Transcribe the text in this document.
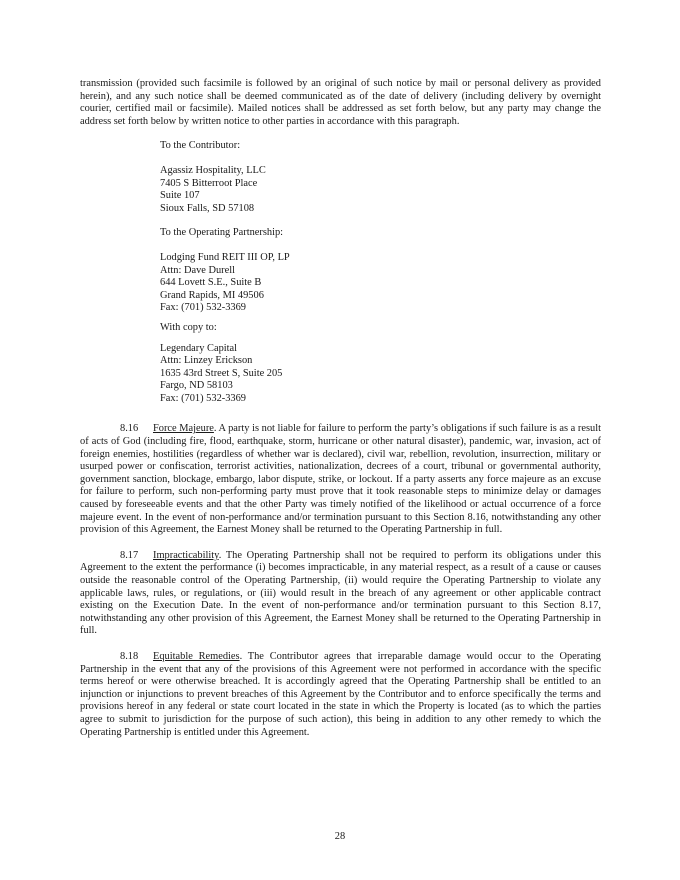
transmission (provided such facsimile is followed by an original of such notice by mail or personal delivery as provided herein), and any such notice shall be deemed communicated as of the date of delivery (including delivery by overnight courier, certified mail or facsimile). Mailed notices shall be addressed as set forth below, but any party may change the address set forth below by written notice to other parties in accordance with this paragraph.

To the Contributor:
Agassiz Hospitality, LLC
7405 S Bitterroot Place
Suite 107
Sioux Falls, SD 57108
To the Operating Partnership:
Lodging Fund REIT III OP, LP
Attn: Dave Durell
644 Lovett S.E., Suite B
Grand Rapids, MI 49506
Fax: (701) 532-3369
With copy to:
Legendary Capital
Attn: Linzey Erickson
1635 43rd Street S, Suite 205
Fargo, ND 58103
Fax: (701) 532-3369

8.16 Force Majeure. A party is not liable for failure to perform the party’s obligations if such failure is as a result of acts of God (including fire, flood, earthquake, storm, hurricane or other natural disaster), pandemic, war, invasion, act of foreign enemies, hostilities (regardless of whether war is declared), civil war, rebellion, revolution, insurrection, military or usurped power or confiscation, terrorist activities, nationalization, decrees of a court, tribunal or governmental authority, government sanction, blockage, embargo, labor dispute, strike, or lockout. If a party asserts any force majeure as an excuse for failure to perform, such non-performing party must prove that it took reasonable steps to minimize delay or damages caused by foreseeable events and that the other Party was timely notified of the likelihood or actual occurrence of a force majeure event. In the event of non-performance and/or termination pursuant to this Section 8.16, notwithstanding any other provision of this Agreement, the Earnest Money shall be returned to the Operating Partnership in full.

8.17 Impracticability. The Operating Partnership shall not be required to perform its obligations under this Agreement to the extent the performance (i) becomes impracticable, in any material respect, as a result of a cause or causes outside the reasonable control of the Operating Partnership, (ii) would require the Operating Partnership to violate any applicable laws, rules, or regulations, or (iii) would result in the breach of any agreement or other applicable contract existing on the Execution Date. In the event of non-performance and/or termination pursuant to this Section 8.17, notwithstanding any other provision of this Agreement, the Earnest Money shall be returned to the Operating Partnership in full.

8.18 Equitable Remedies. The Contributor agrees that irreparable damage would occur to the Operating Partnership in the event that any of the provisions of this Agreement were not performed in accordance with the specific terms hereof or were otherwise breached. It is accordingly agreed that the Operating Partnership shall be entitled to an injunction or injunctions to prevent breaches of this Agreement by the Contributor and to enforce specifically the terms and provisions hereof in any federal or state court located in the state in which the Property is located (as to which the parties agree to submit to jurisdiction for the purpose of such action), this being in addition to any other remedy to which the Operating Partnership is entitled under this Agreement.

28
